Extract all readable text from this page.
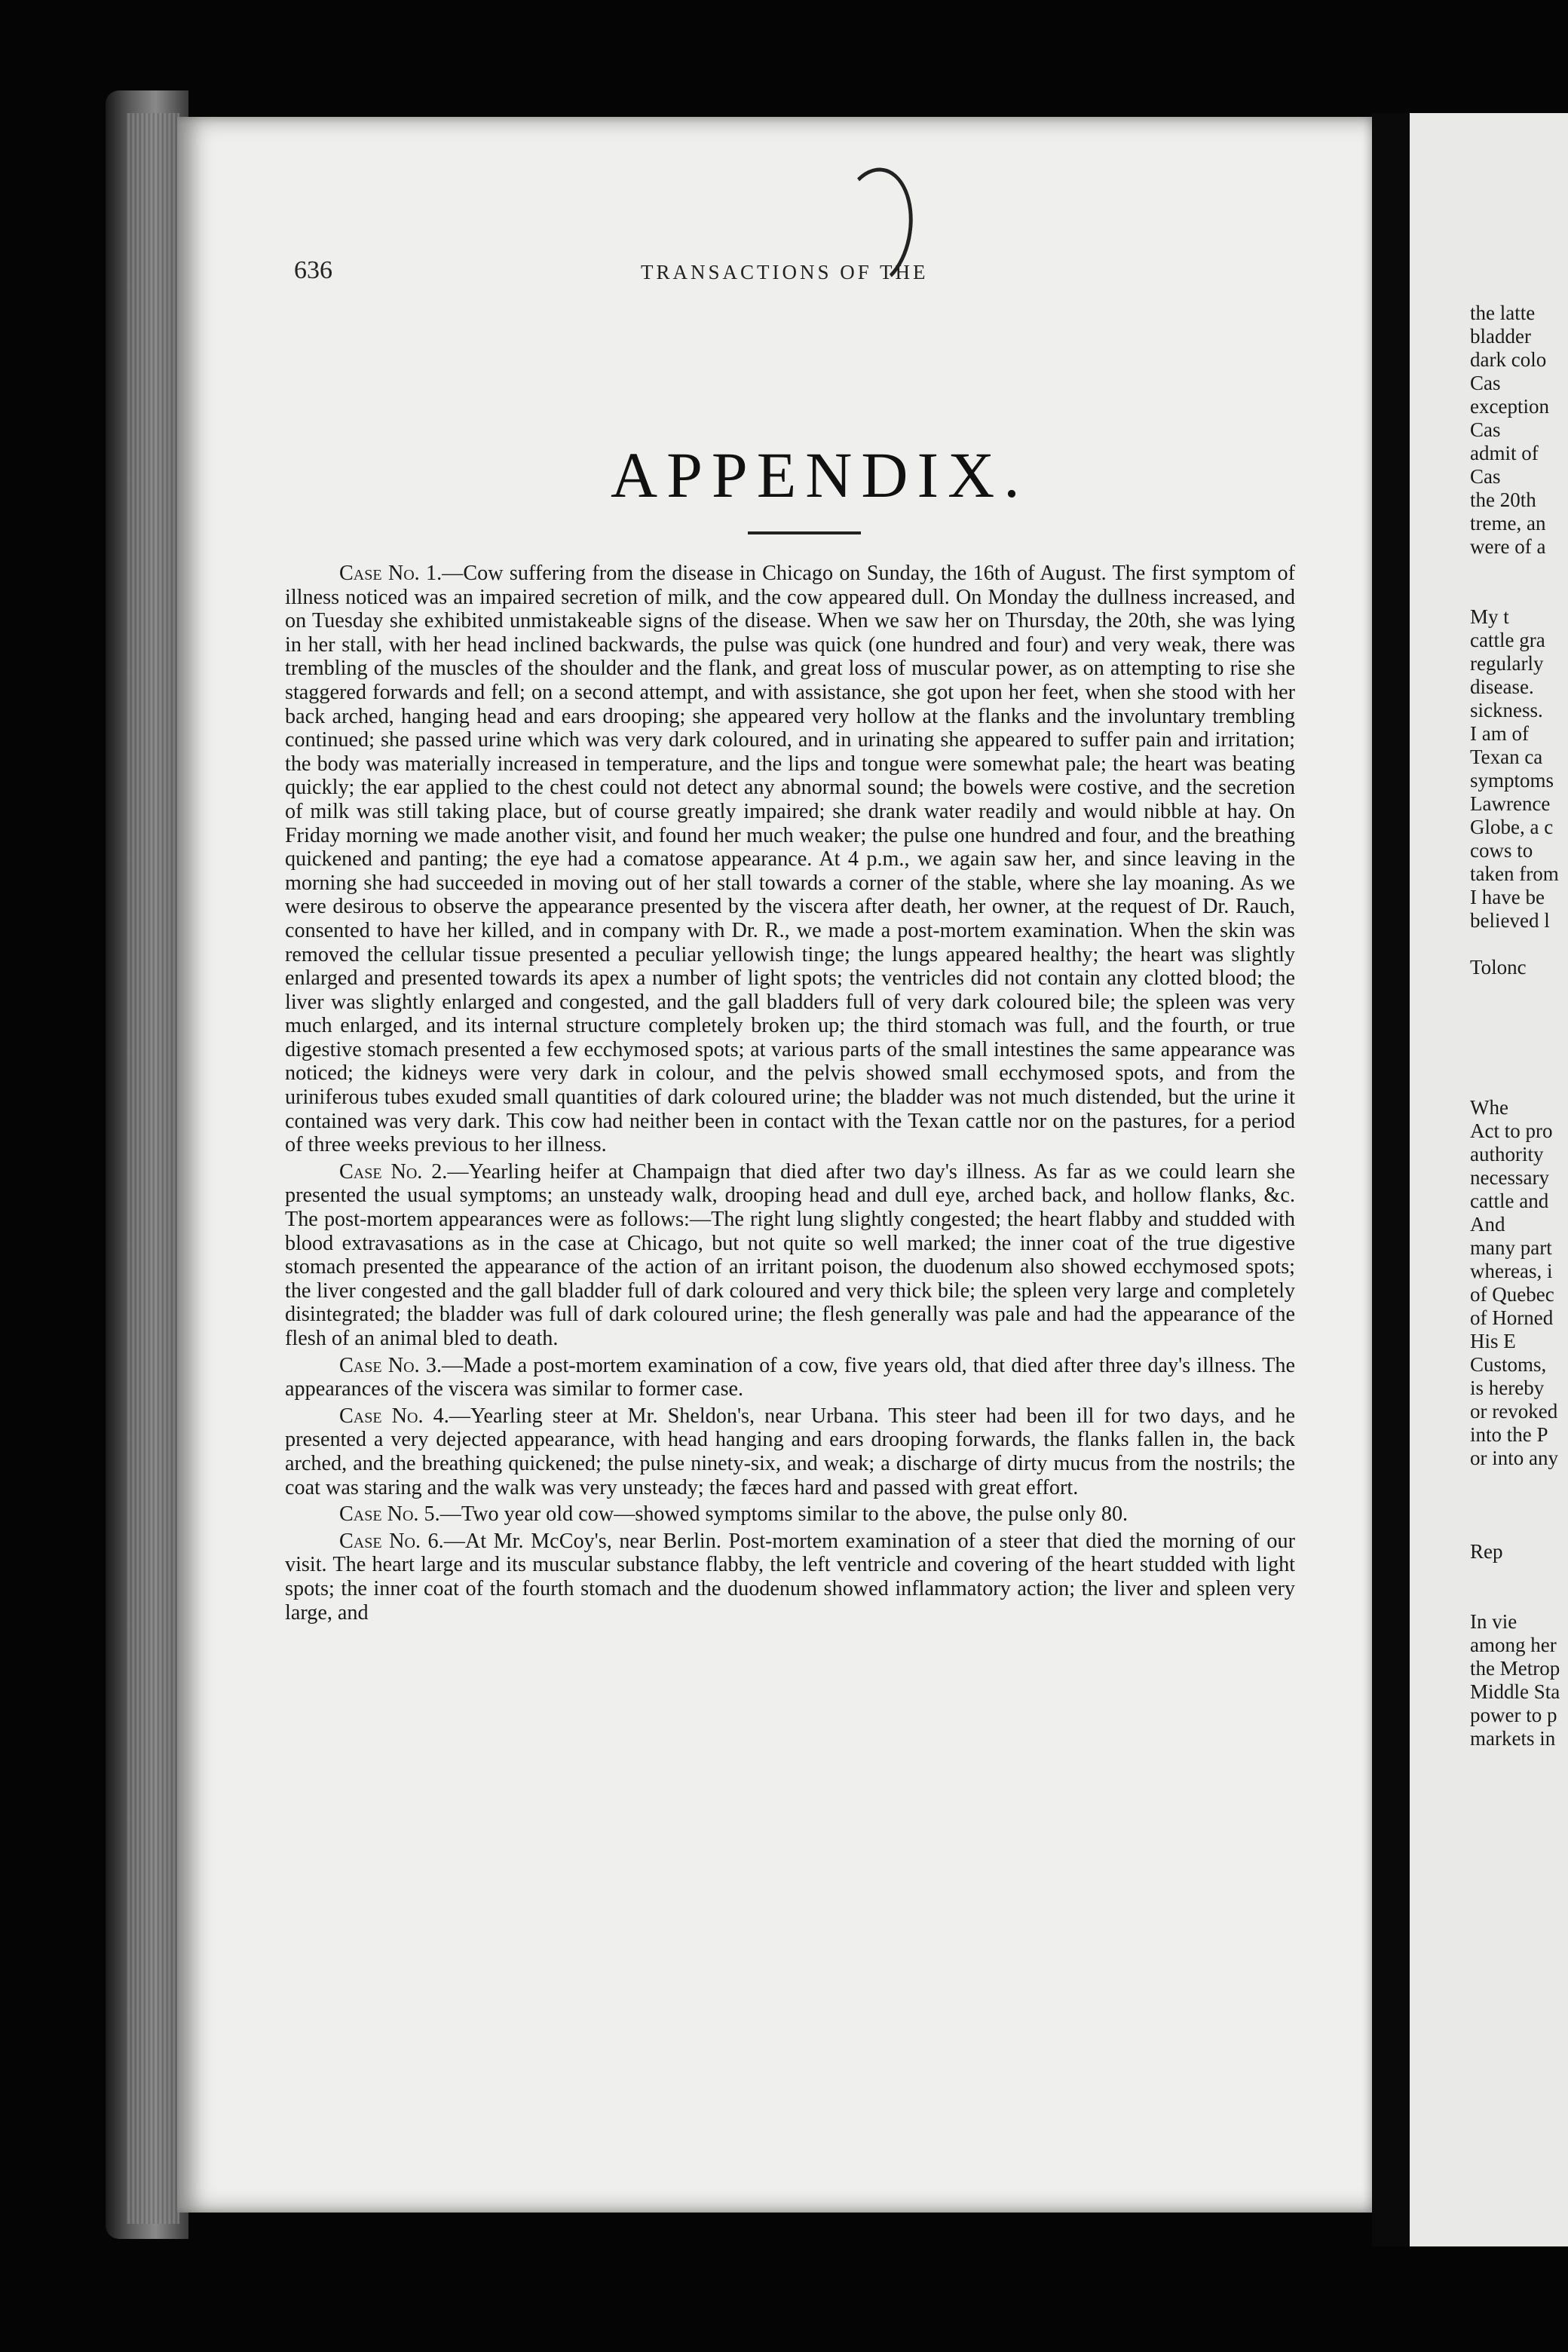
636	TRANSACTIONS OF THE
APPENDIX.

Case No. 1.—Cow suffering from the disease in Chicago on Sunday, the 16th of August. The first symptom of illness noticed was an impaired secretion of milk, and the cow appeared dull. On Monday the dullness increased, and on Tuesday she exhibited unmistakeable signs of the disease. When we saw her on Thursday, the 20th, she was lying in her stall, with her head inclined backwards, the pulse was quick (one hundred and four) and very weak, there was trembling of the muscles of the shoulder and the flank, and great loss of muscular power, as on attempting to rise she staggered forwards and fell; on a second attempt, and with assistance, she got upon her feet, when she stood with her back arched, hanging head and ears drooping; she appeared very hollow at the flanks and the involuntary trembling continued; she passed urine which was very dark coloured, and in urinating she appeared to suffer pain and irritation; the body was materially increased in temperature, and the lips and tongue were somewhat pale; the heart was beating quickly; the ear applied to the chest could not detect any abnormal sound; the bowels were costive, and the secretion of milk was still taking place, but of course greatly impaired; she drank water readily and would nibble at hay. On Friday morning we made another visit, and found her much weaker; the pulse one hundred and four, and the breathing quickened and panting; the eye had a comatose appearance. At 4 p.m., we again saw her, and since leaving in the morning she had succeeded in moving out of her stall towards a corner of the stable, where she lay moaning. As we were desirous to observe the appearance presented by the viscera after death, her owner, at the request of Dr. Rauch, consented to have her killed, and in company with Dr. R., we made a post-mortem examination. When the skin was removed the cellular tissue presented a peculiar yellowish tinge; the lungs appeared healthy; the heart was slightly enlarged and presented towards its apex a number of light spots; the ventricles did not contain any clotted blood; the liver was slightly enlarged and congested, and the gall bladders full of very dark coloured bile; the spleen was very much enlarged, and its internal structure completely broken up; the third stomach was full, and the fourth, or true digestive stomach presented a few ecchymosed spots; at various parts of the small intestines the same appearance was noticed; the kidneys were very dark in colour, and the pelvis showed small ecchymosed spots, and from the uriniferous tubes exuded small quantities of dark coloured urine; the bladder was not much distended, but the urine it contained was very dark. This cow had neither been in contact with the Texan cattle nor on the pastures, for a period of three weeks previous to her illness.

Case No. 2.—Yearling heifer at Champaign that died after two day's illness. As far as we could learn she presented the usual symptoms; an unsteady walk, drooping head and dull eye, arched back, and hollow flanks, &c. The post-mortem appearances were as follows:—The right lung slightly congested; the heart flabby and studded with blood extravasations as in the case at Chicago, but not quite so well marked; the inner coat of the true digestive stomach presented the appearance of the action of an irritant poison, the duodenum also showed ecchymosed spots; the liver congested and the gall bladder full of dark coloured and very thick bile; the spleen very large and completely disintegrated; the bladder was full of dark coloured urine; the flesh generally was pale and had the appearance of the flesh of an animal bled to death.

Case No. 3.—Made a post-mortem examination of a cow, five years old, that died after three day's illness. The appearances of the viscera was similar to former case.

Case No. 4.—Yearling steer at Mr. Sheldon's, near Urbana. This steer had been ill for two days, and he presented a very dejected appearance, with head hanging and ears drooping forwards, the flanks fallen in, the back arched, and the breathing quickened; the pulse ninety-six, and weak; a discharge of dirty mucus from the nostrils; the coat was staring and the walk was very unsteady; the fæces hard and passed with great effort.

Case No. 5.—Two year old cow—showed symptoms similar to the above, the pulse only 80.

Case No. 6.—At Mr. McCoy's, near Berlin. Post-mortem examination of a steer that died the morning of our visit. The heart large and its muscular substance flabby, the left ventricle and covering of the heart studded with light spots; the inner coat of the fourth stomach and the duodenum showed inflammatory action; the liver and spleen very large, and

the latte
bladder
dark colo
Cas
exception
Cas
admit of
Cas
the 20th
treme, an
were of a
My t
cattle gra
regularly
disease.
sickness.
I am of
Texan ca
symptoms
Lawrence
Globe, a c
cows to
taken from
I have be
believed l
Tolonc
Whe
Act to pro
authority
necessary
cattle and
And
many part
whereas, i
of Quebec
of Horned
His E
Customs,
is hereby
or revoked
into the P
or into any
Rep
In vie
among her
the Metrop
Middle Sta
power to p
markets in
